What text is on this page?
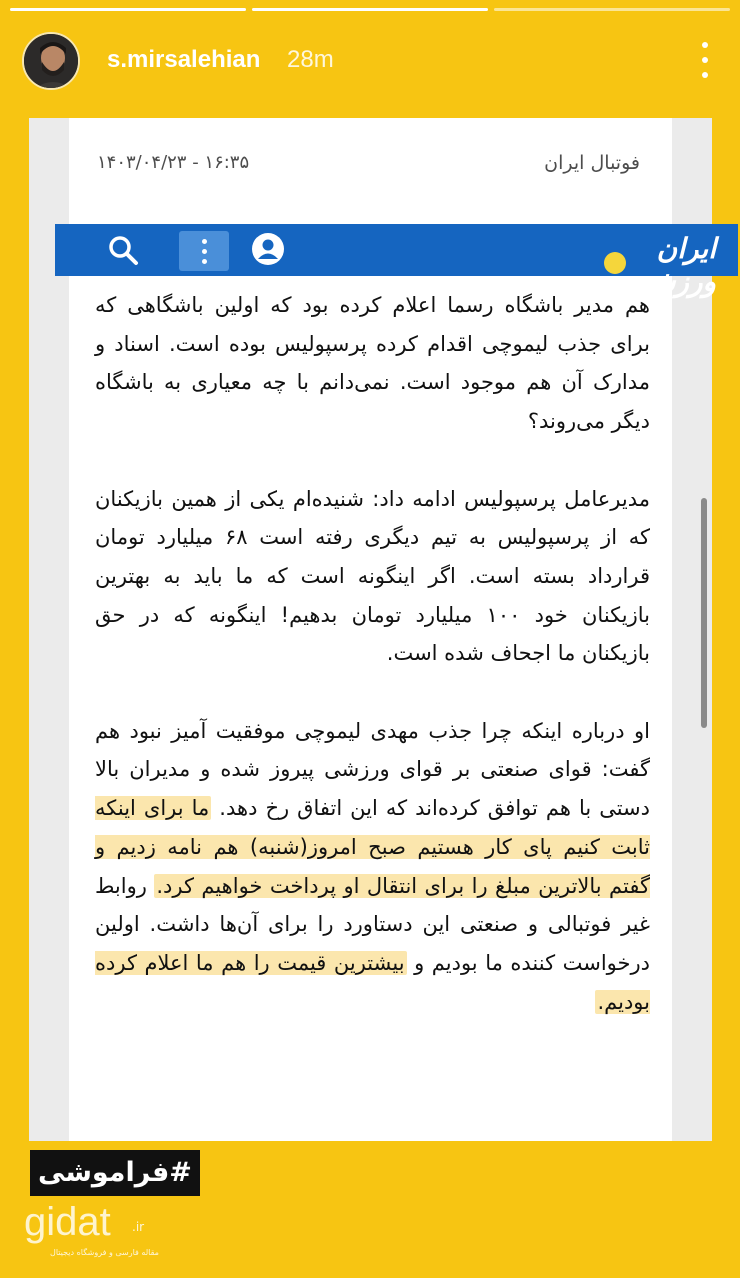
s.mirsalehian 28m
فوتبال ایران
۱۴۰۳/۰۴/۲۳ - ۱۶:۳۵
ایران ورزشی

هم مدیر باشگاه رسما اعلام کرده بود که اولین باشگاهی که برای جذب لیموچی اقدام کرده پرسپولیس بوده است. اسناد و مدارک آن هم موجود است. نمی‌دانم با چه معیاری به باشگاه دیگر می‌روند؟

مدیرعامل پرسپولیس ادامه داد: شنیده‌ام یکی از همین بازیکنان که از پرسپولیس به تیم دیگری رفته است ۶۸ میلیارد تومان قرارداد بسته است. اگر اینگونه است که ما باید به بهترین بازیکنان خود ۱۰۰ میلیارد تومان بدهیم! اینگونه که در حق بازیکنان ما اجحاف شده است.

او درباره اینکه چرا جذب مهدی لیموچی موفقیت آمیز نبود هم گفت: قوای صنعتی بر قوای ورزشی پیروز شده و مدیران بالا دستی با هم توافق کرده‌اند که این اتفاق رخ دهد. ما برای اینکه ثابت کنیم پای کار هستیم صبح امروز(شنبه) هم نامه زدیم و گفتم بالاترین مبلغ را برای انتقال او پرداخت خواهیم کرد. روابط غیر فوتبالی و صنعتی این دستاورد را برای آن‌ها داشت. اولین درخواست کننده ما بودیم و بیشترین قیمت را هم ما اعلام کرده بودیم.

#فراموشی
gidat .ir
مقاله فارسی و فروشگاه دیجیتال
